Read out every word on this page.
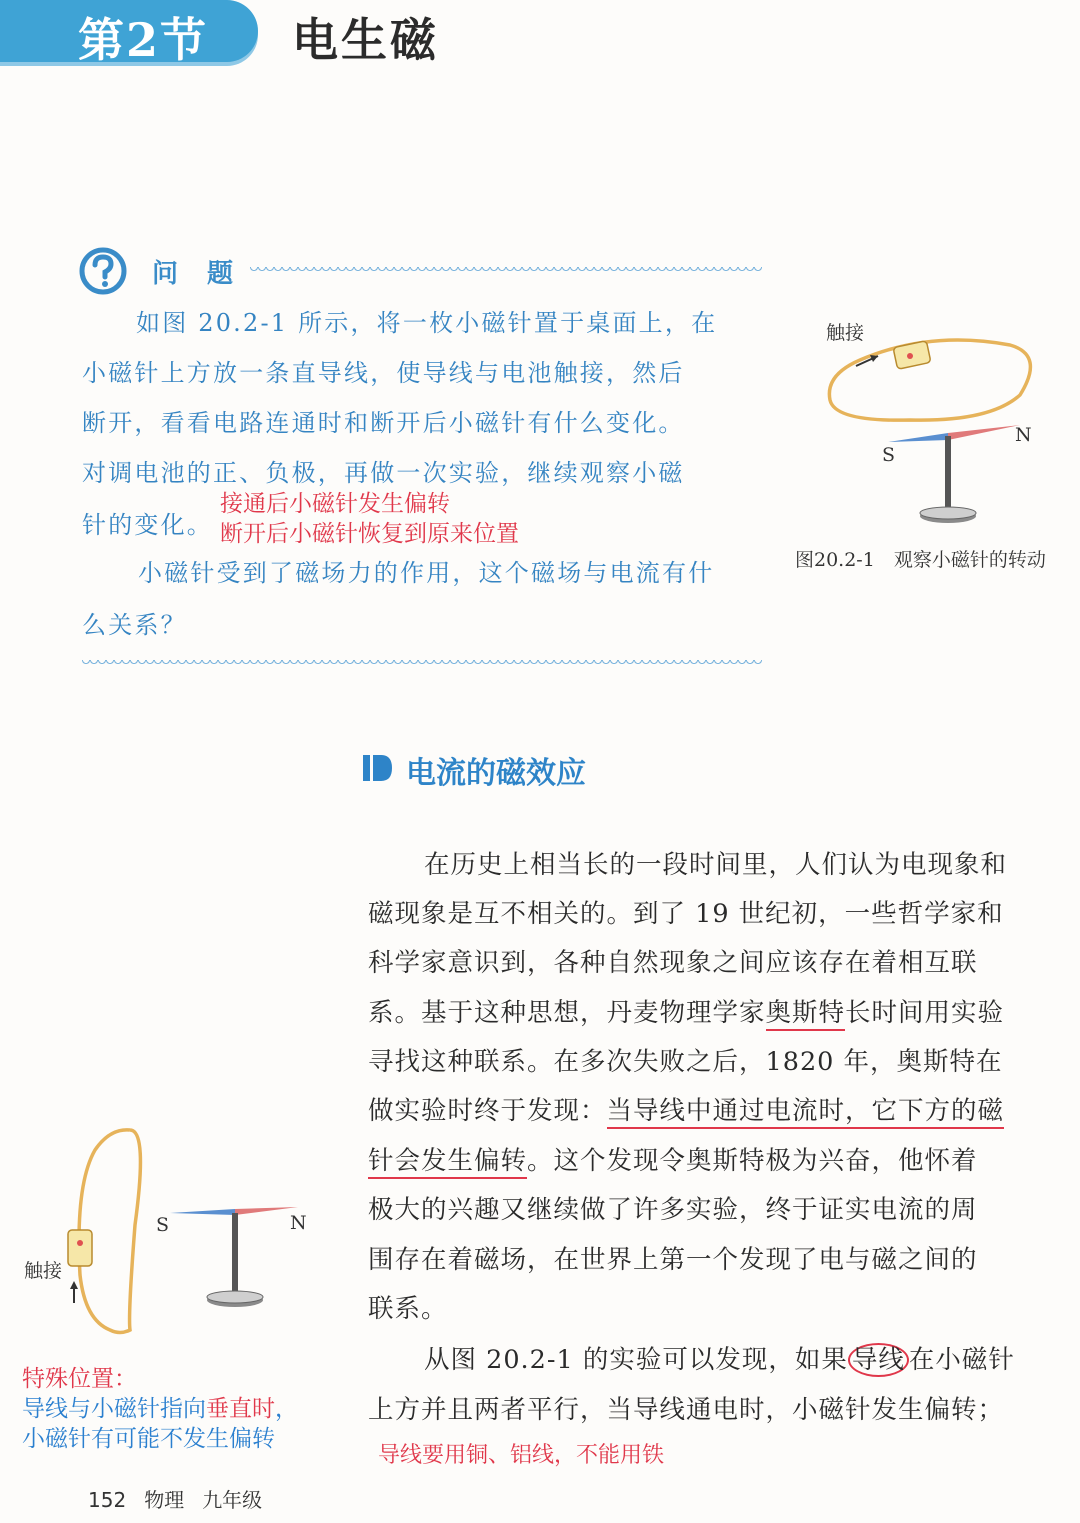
第2节 电生磁
问 题
如图 20.2-1 所示，将一枚小磁针置于桌面上，在
小磁针上方放一条直导线，使导线与电池触接，然后
断开，看看电路连通时和断开后小磁针有什么变化。
对调电池的正、负极，再做一次实验，继续观察小磁
针的变化。
接通后小磁针发生偏转
断开后小磁针恢复到原来位置
小磁针受到了磁场力的作用，这个磁场与电流有什
么关系？
触接
S
N
图20.2-1　观察小磁针的转动
电流的磁效应
在历史上相当长的一段时间里，人们认为电现象和
磁现象是互不相关的。到了 19 世纪初，一些哲学家和
科学家意识到，各种自然现象之间应该存在着相互联
系。基于这种思想，丹麦物理学家奥斯特长时间用实验
寻找这种联系。在多次失败之后，1820 年，奥斯特在
做实验时终于发现：当导线中通过电流时，它下方的磁
针会发生偏转。这个发现令奥斯特极为兴奋，他怀着
极大的兴趣又继续做了许多实验，终于证实电流的周
围存在着磁场，在世界上第一个发现了电与磁之间的
联系。
从图 20.2-1 的实验可以发现，如果 导线 在小磁针
上方并且两者平行，当导线通电时，小磁针发生偏转；
导线要用铜、铝线，不能用铁
S	N
触接
特殊位置：
导线与小磁针指向垂直时，
小磁针有可能不发生偏转
152 物理 九年级
